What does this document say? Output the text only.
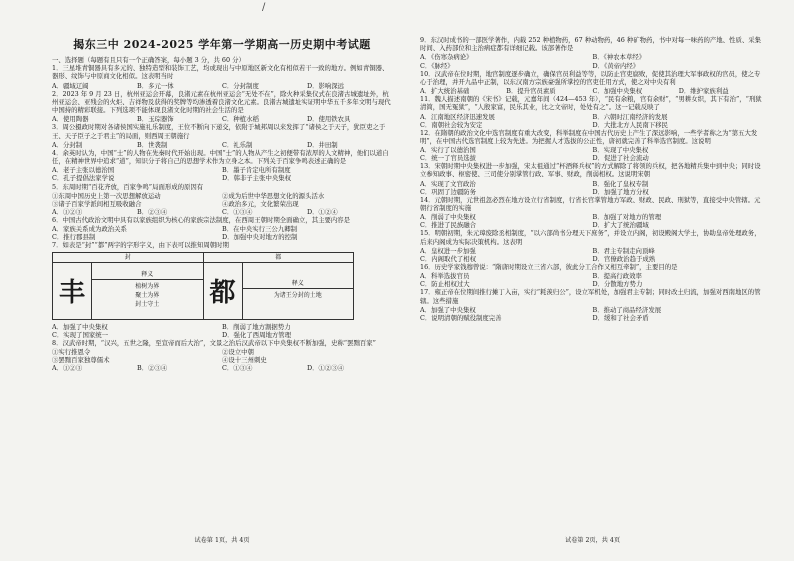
/
揭东三中 2024-2025 学年第一学期高一历史期中考试题
一、选择题（每题有且只有一个正确答案，每小题 3 分，共 60 分）
1．三星堆青铜器具有多元的、独特造型和装饰工艺，均或现出与中原地区新文化有相似若干一致的地方。例如青铜器、器形、纹饰与中原商文化相似。这表明当时
A．疆域辽阔	B．多元一体	C．分封制度	D．影响深远
2．2023 年 9 月 23 日，杭州亚运会开幕，良渚元素在杭州亚运会“无处不在”，除火种采集仪式在良渚古城遗址外，杭州亚运会、亚残会的火炬、吉祥物及获得的奖牌等均渗透着良渚文化元素。良渚古城遗址实证明中华五千多年文明与现代中国持的精彩联接。下列选项不能体现良渚文化时期的社会生活的是
A．使用陶器	B．玉琮器饰	C．种植水稻	D．使用铁农具
3．周公摄政时期对各诸侯国实施礼乐制度，王位不断向下递交，依附于城邦周以来发挥了“诸侯之于天子，犹臣吏之于王、天子臣子之于君主”的局面，则西周王朝施行
A．分封制	B．世袭制	C．礼乐制	D．井田制
4．余英时认为，中国“士”的人物在先秦时代开始出现。中国“士”的人物从产生之初便带有浓厚的人文精神，他们以道自任，在精神世界中追求“道”，知识分子将自己的思想学术作为立身之本。下列关于百家争鸣表述正确的是
A．老子主张以德治国	B．墨子肯定电所有制度
C．孔子提倡法家学说	D．韩非子主张中央集权
5．东周时期“百花齐放，百家争鸣”局面形成的原因有
①东周中国历史上第一次思想解放运动	②成为后世中华思想文化的源头活水
③诸子百家学派间相互吸收融合	④政治多元，文化繁荣出现
A．①②③	B．②③④	C．①③④	D．①②④
6．中国古代政治文明中具有以家族组织为核心的家族宗法制度，在西周王朝时期全面确立，其主要内容是
A．家族关系成为政治关系	B．在中央实行三公九卿制
C．推行郡县制	D．加强中央对地方的控制
7．如表是“封”“都”两字的字形字义，由下表可以推知周朝时期
封	都
丰
释义
植树为界
聚土为界
封土守土 都	释义
为诸王分封的土地
A．加强了中央集权	B．削弱了地方割据势力
C．实现了国家统一	D．强化了西周地方管理
8．汉武帝时期，“汉兴，五世之隆，至宣帝而后大治”，文景之治后汉武帝以下中央集权不断加强，史称“罢黜百家”
①实行推恩令	②设立中朝
③罢黜百家独尊儒术	④设十三州刺史
A．①②③	B．②③④	C．①③④	D．①②③④
试卷第 1页，共 4页
9．东汉时成书的一部医学著作，内载 252 种植物药，67 种动物药，46 种矿物药，书中对每一味药的产地、性质、采集时间、入药部位和主治病症都有详细记载。该部著作是
A．《伤寒杂病论》	B．《神农本草经》
C．《脉经》	D．《黄帝内经》
10．汉武帝在位时期，地官制度逐步确立，确保官员利益等等，以防止官吏腐败，促使其治理大军事政权的官员，使之专心于治理，并开九品中正制，以东汉南方宗族豪强所掌控的官吏任用方式，使之对中央有利
A．扩大统治基础	B．提升官员素质	C．加强中央集权	D．维护家族利益
11．魏人描述南朝的《宋书》记载，元嘉年间（424—453 年），“民有余粮，官有余财”，“男耕女织，其下有治”，“刑狱清简，国无冤狱”，“人殷家富，民乐其业，比之文帝时，处处有之”。这一记载反映了
A．江南地区经济迅速发展	B．六朝时江南经济的发展
C．南朝社会较为安定	D．大批北方人民南下移民
12．在隋朝的政治文化中选官制度有重大改变，科举制度在中国古代历史上产生了深远影响，一些学者称之为“第五大发明”，在中国古代选官制度上较为先进。为把握人才选拔的公正性，唐初就完善了科举选官制度。这说明
A．实行了以德治国	B．实现了中央集权
C．统一了官员选拔	D．促进了社会流动
13．宋朝时期中央集权进一步加强，宋太祖通过“杯酒释兵权”的方式解除了将领的兵权，把各地精兵集中到中央；同时设立参知政事、枢密使、三司使分别掌管行政、军事、财政，削弱相权。这说明宋朝
A．实现了文官政治	B．强化了皇权专制
C．巩固了边疆防务	D．加强了地方分权
14．元朝时期，元世祖忽必烈在地方设立行省制度，行省长官掌管地方军政、财政、民政、刑狱等，直接受中央管辖。元朝行省制度的实施
A．削弱了中央集权	B．加强了对地方的管理
C．推进了民族融合	D．扩大了统治疆域
15．明朝初期，朱元璋废除丞相制度，“以六部尚书分理天下庶务”，并设立内阁，初设殿阁大学士，协助皇帝处理政务，后来内阁成为实际决策机构。这表明
A．皇权进一步加强	B．君主专制走向顶峰
C．内阁取代了相权	D．官僚政治趋于成熟
16．历史学家钱穆曾说：“隋唐时期设立三省六部，彼此分工合作又相互牵制”，主要目的是
A．科举选拔官员	B．提高行政效率
C．防止相权过大	D．分散地方势力
17．雍正帝在位期间推行摊丁入亩，实行“耗羡归公”，设立军机处，加强君主专制；同时改土归流，加强对西南地区的管辖。这些措施
A．加强了中央集权	B．推动了商品经济发展
C．说明清朝的赋役制度完善	D．缓和了社会矛盾
试卷第 2页，共 4页
